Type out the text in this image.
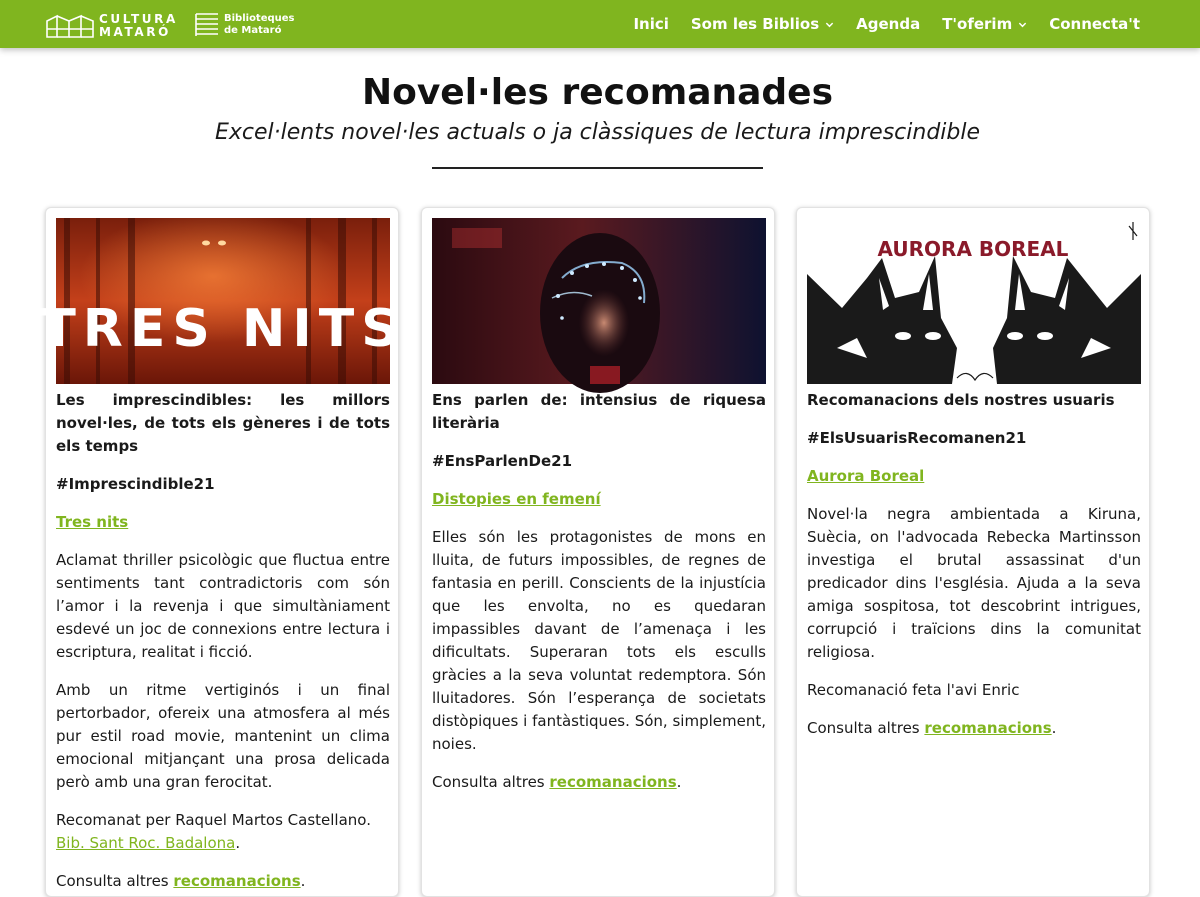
CULTURA
MATARÓ
Biblioteques
de Mataró	Inici Som les Biblios Agenda T'oferim Connecta't
Novel·les recomanades
Excel·lents novel·les actuals o ja clàssiques de lectura imprescindible
TRES NITS
Les imprescindibles: les millors novel·les, de tots els gèneres i de tots els temps
#Imprescindible21
Tres nits

Aclamat thriller psicològic que fluctua entre sentiments tant contradictoris com són l’amor i la revenja i que simultàniament esdevé un joc de connexions entre lectura i escriptura, realitat i ficció.

Amb un ritme vertiginós i un final pertorbador, ofereix una atmosfera al més pur estil road movie, mantenint un clima emocional mitjançant una prosa delicada però amb una gran ferocitat.

Recomanat per Raquel Martos Castellano.
Bib. Sant Roc. Badalona.

Consulta altres recomanacions.

Ens parlen de: intensius de riquesa literària
#EnsParlenDe21
Distopies en femení

Elles són les protagonistes de mons en lluita, de futurs impossibles, de regnes de fantasia en perill. Conscients de la injustícia que les envolta, no es quedaran impassibles davant de l’amenaça i les dificultats. Superaran tots els esculls gràcies a la seva voluntat redemptora. Són lluitadores. Són l’esperança de societats distòpiques i fantàstiques. Són, simplement, noies.

Consulta altres recomanacions.

AURORA BOREAL
Recomanacions dels nostres usuaris
#ElsUsuarisRecomanen21
Aurora Boreal

Novel·la negra ambientada a Kiruna, Suècia, on l'advocada Rebecka Martinsson investiga el brutal assassinat d'un predicador dins l'església. Ajuda a la seva amiga sospitosa, tot descobrint intrigues, corrupció i traïcions dins la comunitat religiosa.

Recomanació feta l'avi Enric

Consulta altres recomanacions.
